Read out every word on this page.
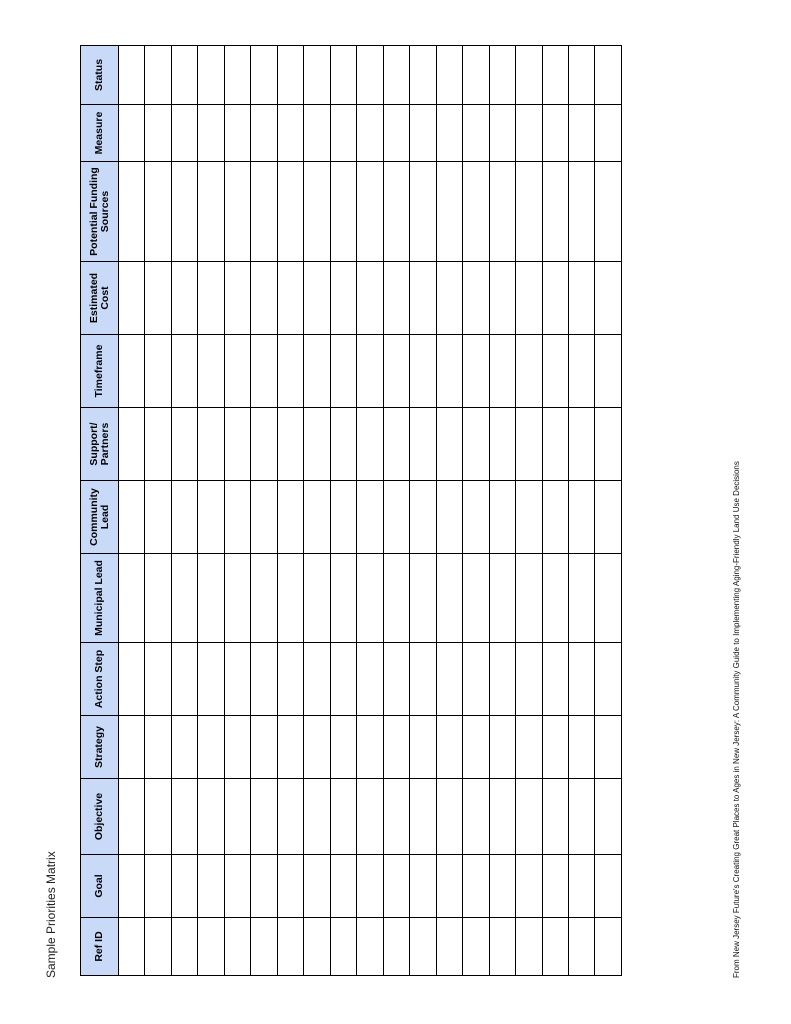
Sample Priorities Matrix	Ref ID	Goal	Objective	Strategy	Action Step	Municipal Lead	Community Lead	Support/ Partners	Timeframe	Estimated Cost	Potential Funding Sources	Measure	Status

From New Jersey Future's Creating Great Places to Ages in New Jersey: A Community Guide to Implementing Aging-Friendly Land Use Decisions
